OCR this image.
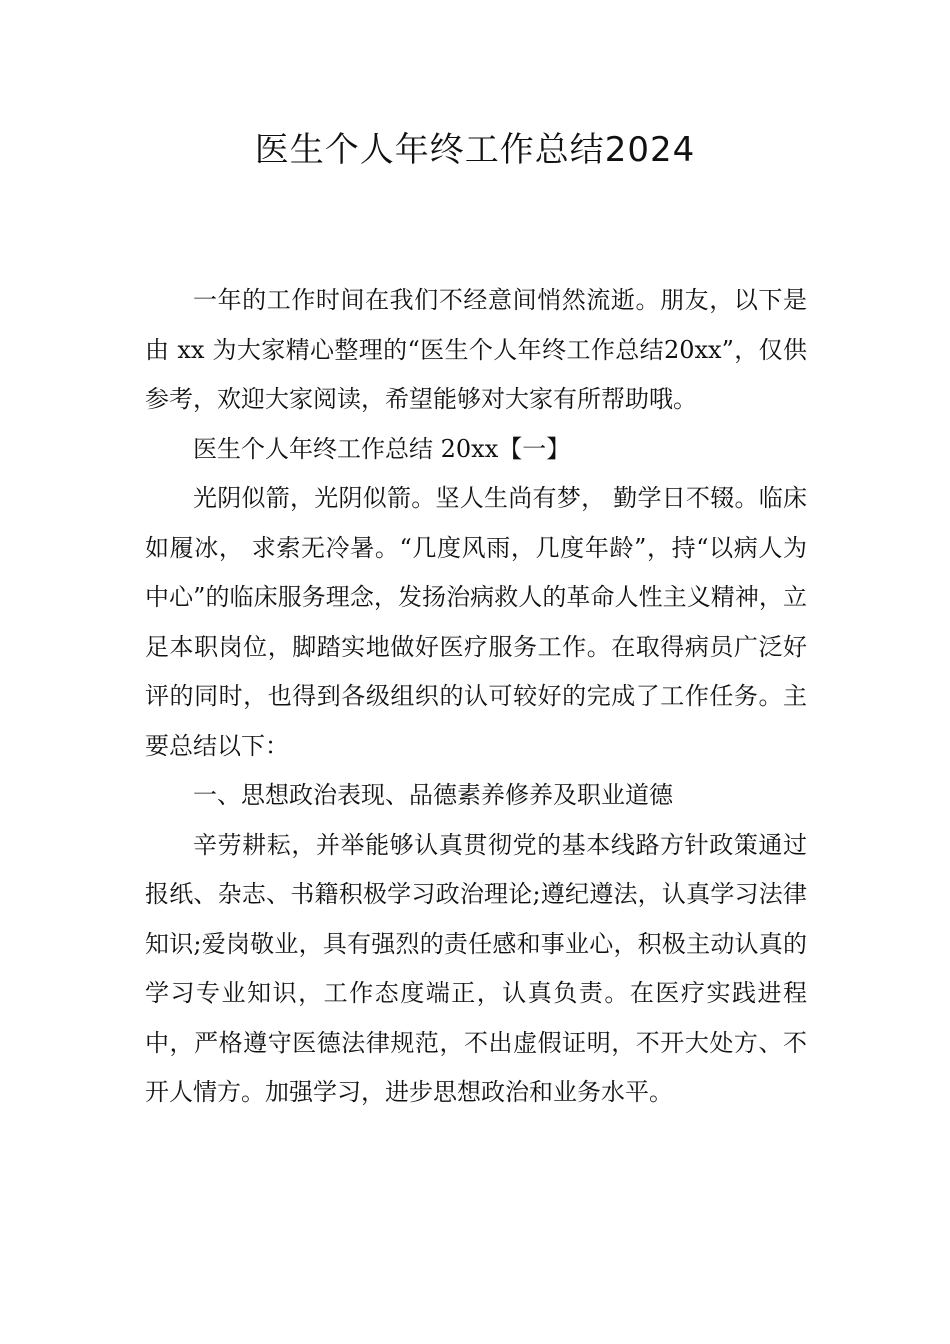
医生个人年终工作总结2024

一年的工作时间在我们不经意间悄然流逝。朋友，以下是由 xx 为大家精心整理的“医生个人年终工作总结20xx”，仅供参考，欢迎大家阅读，希望能够对大家有所帮助哦。

医生个人年终工作总结 20xx【一】

光阴似箭，光阴似箭。坚人生尚有梦， 勤学日不辍。临床如履冰， 求索无冷暑。“几度风雨，几度年龄”，持“以病人为中心”的临床服务理念，发扬治病救人的革命人性主义精神，立足本职岗位，脚踏实地做好医疗服务工作。在取得病员广泛好评的同时，也得到各级组织的认可较好的完成了工作任务。主要总结以下：

一、思想政治表现、品德素养修养及职业道德

辛劳耕耘，并举能够认真贯彻党的基本线路方针政策通过报纸、杂志、书籍积极学习政治理论;遵纪遵法，认真学习法律知识;爱岗敬业，具有强烈的责任感和事业心，积极主动认真的学习专业知识，工作态度端正，认真负责。在医疗实践进程中，严格遵守医德法律规范，不出虚假证明，不开大处方、不开人情方。加强学习，进步思想政治和业务水平。
